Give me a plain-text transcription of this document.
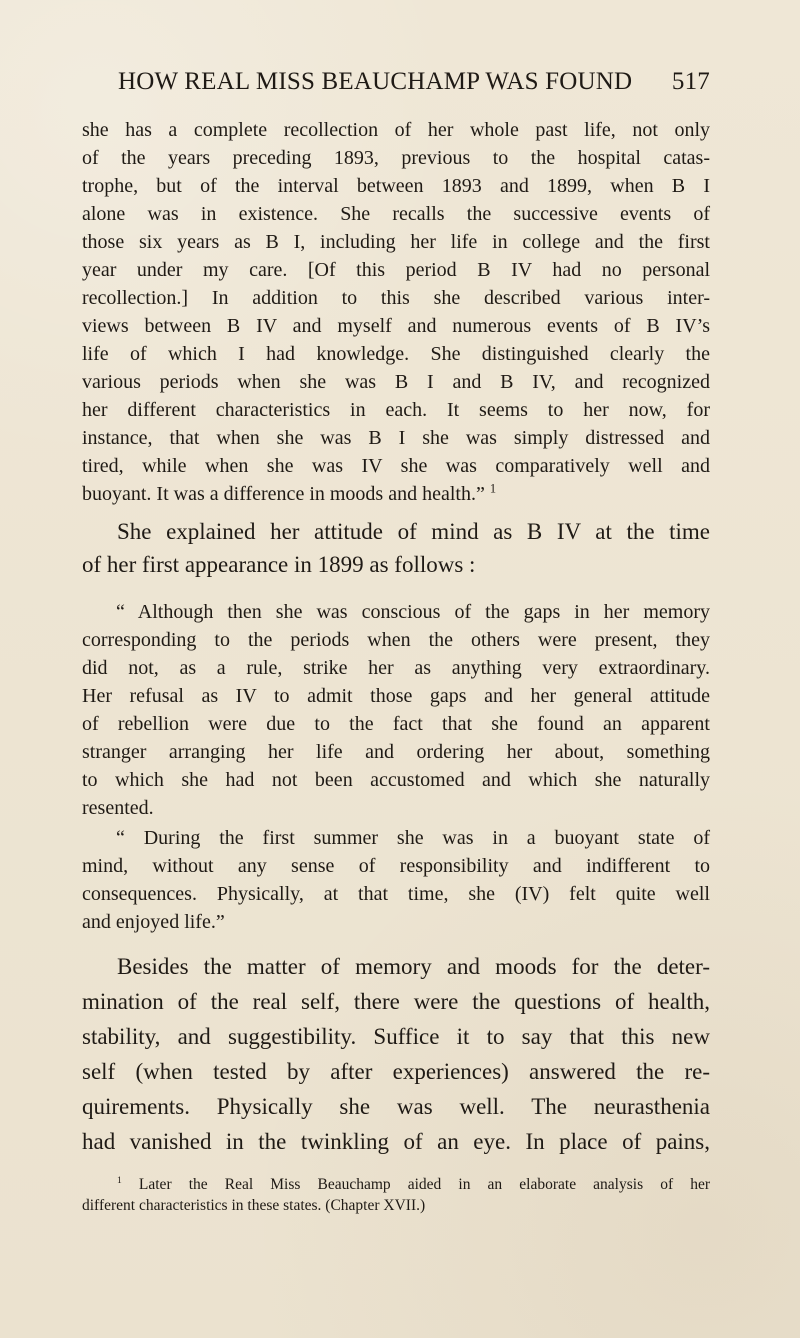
HOW REAL MISS BEAUCHAMP WAS FOUND 517
she has a complete recollection of her whole past life, not only
of the years preceding 1893, previous to the hospital catas-
trophe, but of the interval between 1893 and 1899, when B I
alone was in existence. She recalls the successive events of
those six years as B I, including her life in college and the first
year under my care. [Of this period B IV had no personal
recollection.] In addition to this she described various inter-
views between B IV and myself and numerous events of B IV’s
life of which I had knowledge. She distinguished clearly the
various periods when she was B I and B IV, and recognized
her different characteristics in each. It seems to her now, for
instance, that when she was B I she was simply distressed and
tired, while when she was IV she was comparatively well and
buoyant. It was a difference in moods and health.” $^1$
She explained her attitude of mind as B IV at the time
of her first appearance in 1899 as follows :
“ Although then she was conscious of the gaps in her memory
corresponding to the periods when the others were present, they
did not, as a rule, strike her as anything very extraordinary.
Her refusal as IV to admit those gaps and her general attitude
of rebellion were due to the fact that she found an apparent
stranger arranging her life and ordering her about, something
to which she had not been accustomed and which she naturally
resented.
“ During the first summer she was in a buoyant state of
mind, without any sense of responsibility and indifferent to
consequences. Physically, at that time, she (IV) felt quite well
and enjoyed life.”
Besides the matter of memory and moods for the deter-
mination of the real self, there were the questions of health,
stability, and suggestibility. Suffice it to say that this new
self (when tested by after experiences) answered the re-
quirements. Physically she was well. The neurasthenia
had vanished in the twinkling of an eye. In place of pains,
$^1$ Later the Real Miss Beauchamp aided in an elaborate analysis of her
different characteristics in these states. (Chapter XVII.)
